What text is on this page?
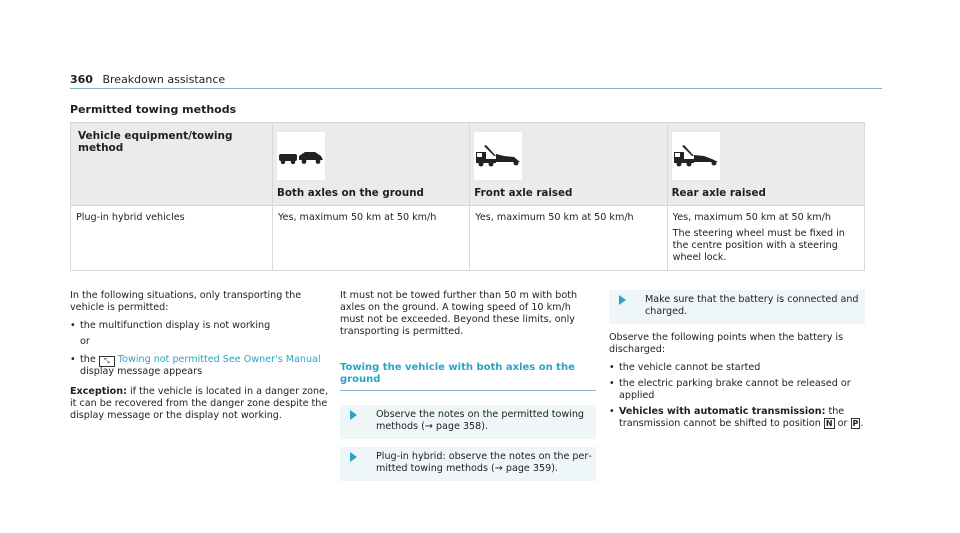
360 Breakdown assistance
Permitted towing methods
Vehicle equipment/towing method	Both axles on the ground	Front axle raised	Rear axle raised

Plug-in hybrid vehicles	Yes, maximum 50 km at 50 km/h	Yes, maximum 50 km at 50 km/h	Yes, maximum 50 km at 50 km/h
The steering wheel must be fixed in the centre position with a steering wheel lock.

In the following situations, only transporting the vehicle is permitted:

• the multifunction display is not working
or
• the ⤡ Towing not permitted See Owner's Manual display message appears

Exception: if the vehicle is located in a danger zone, it can be recovered from the danger zone despite the display message or the display not working.

It must not be towed further than 50 m with both axles on the ground. A towing speed of 10 km/h must not be exceeded. Beyond these limits, only transporting is permitted.

Towing the vehicle with both axles on the ground
Observe the notes on the permitted towing methods (→ page 358).
Plug-in hybrid: observe the notes on the permitted towing methods (→ page 359).
Make sure that the battery is connected and charged.

Observe the following points when the battery is discharged:

• the vehicle cannot be started
• the electric parking brake cannot be released or applied
• Vehicles with automatic transmission: the transmission cannot be shifted to position N or P .
